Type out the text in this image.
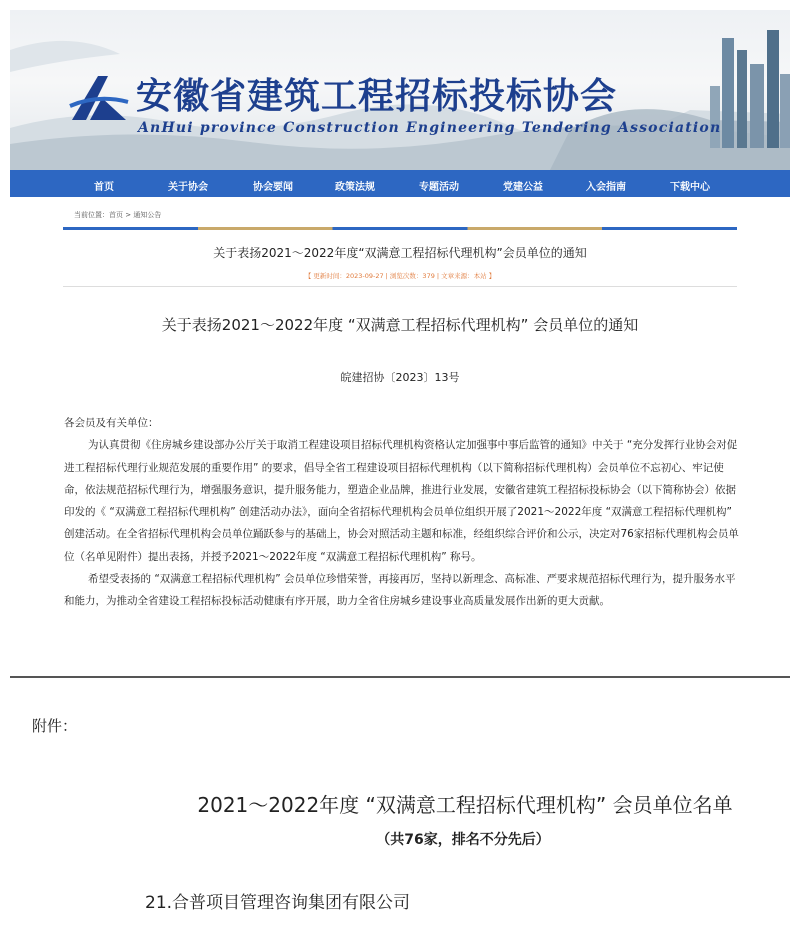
安徽省建筑工程招标投标协会
AnHui province Construction Engineering Tendering Association
首页	关于协会	协会要闻	政策法规	专题活动	党建公益	入会指南	下载中心
当前位置：首页 > 通知公告
关于表扬2021～2022年度“双满意工程招标代理机构”会员单位的通知
【 更新时间：2023-09-27 | 浏览次数：379 | 文章来源：本站 】
关于表扬2021～2022年度 “双满意工程招标代理机构” 会员单位的通知
皖建招协〔2023〕13号

各会员及有关单位：

为认真贯彻《住房城乡建设部办公厅关于取消工程建设项目招标代理机构资格认定加强事中事后监管的通知》中关于 “充分发挥行业协会对促进工程招标代理行业规范发展的重要作用” 的要求，倡导全省工程建设项目招标代理机构（以下简称招标代理机构）会员单位不忘初心、牢记使命，依法规范招标代理行为，增强服务意识，提升服务能力，塑造企业品牌，推进行业发展，安徽省建筑工程招标投标协会（以下简称协会）依据印发的《 “双满意工程招标代理机构” 创建活动办法》，面向全省招标代理机构会员单位组织开展了2021～2022年度 “双满意工程招标代理机构” 创建活动。在全省招标代理机构会员单位踊跃参与的基础上，协会对照活动主题和标准，经组织综合评价和公示，决定对76家招标代理机构会员单位（名单见附件）提出表扬，并授予2021～2022年度 “双满意工程招标代理机构” 称号。

希望受表扬的 “双满意工程招标代理机构” 会员单位珍惜荣誉，再接再厉，坚持以新理念、高标准、严要求规范招标代理行为，提升服务水平和能力，为推动全省建设工程招标投标活动健康有序开展，助力全省住房城乡建设事业高质量发展作出新的更大贡献。

附件：
2021～2022年度 “双满意工程招标代理机构” 会员单位名单
（共76家，排名不分先后）
21.合普项目管理咨询集团有限公司
